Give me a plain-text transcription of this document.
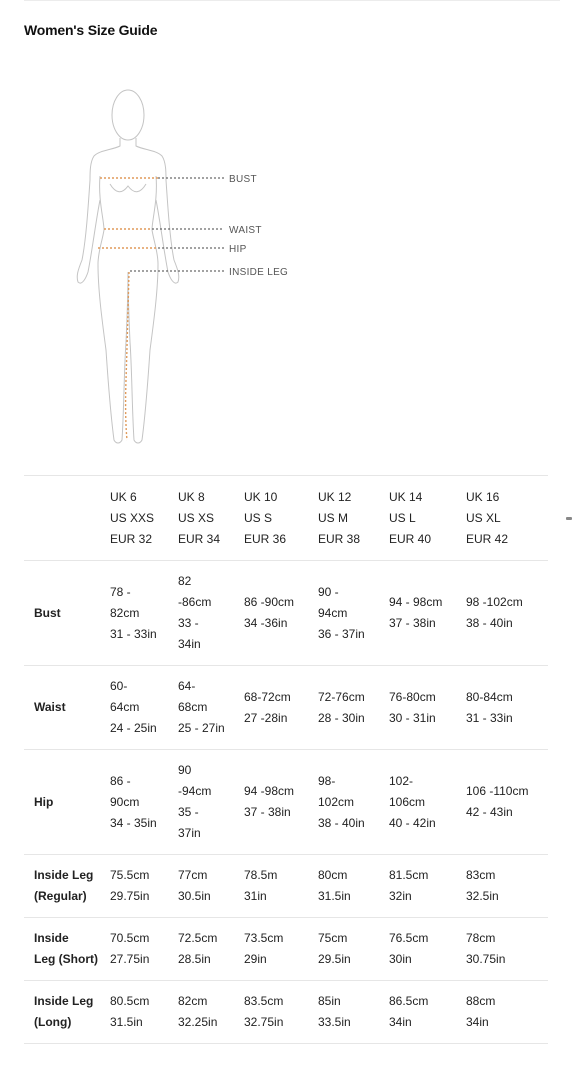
Women's Size Guide
BUST
WAIST
HIP
INSIDE LEG

	UK 6
US XXS
EUR 32	UK 8
US XS
EUR 34	UK 10
US S
EUR 36	UK 12
US M
EUR 38	UK 14
US L
EUR 40	UK 16
US XL
EUR 42

Bust	78 -
82cm
31 - 33in	82
-86cm
33 -
34in	86 -90cm
34 -36in	90 -
94cm
36 - 37in	94 - 98cm
37 - 38in	98 -102cm
38 - 40in

Waist	60-
64cm
24 - 25in	64-
68cm
25 - 27in	68-72cm
27 -28in	72-76cm
28 - 30in	76-80cm
30 - 31in	80-84cm
31 - 33in

Hip	86 -
90cm
34 - 35in	90
-94cm
35 -
37in	94 -98cm
37 - 38in	98-
102cm
38 - 40in	102-
106cm
40 - 42in	106 -110cm
42 - 43in

Inside Leg
(Regular)	75.5cm
29.75in	77cm
30.5in	78.5m
31in	80cm
31.5in	81.5cm
32in	83cm
32.5in

Inside
Leg (Short)	70.5cm
27.75in	72.5cm
28.5in	73.5cm
29in	75cm
29.5in	76.5cm
30in	78cm
30.75in

Inside Leg
(Long)	80.5cm
31.5in	82cm
32.25in	83.5cm
32.75in	85in
33.5in	86.5cm
34in	88cm
34in
